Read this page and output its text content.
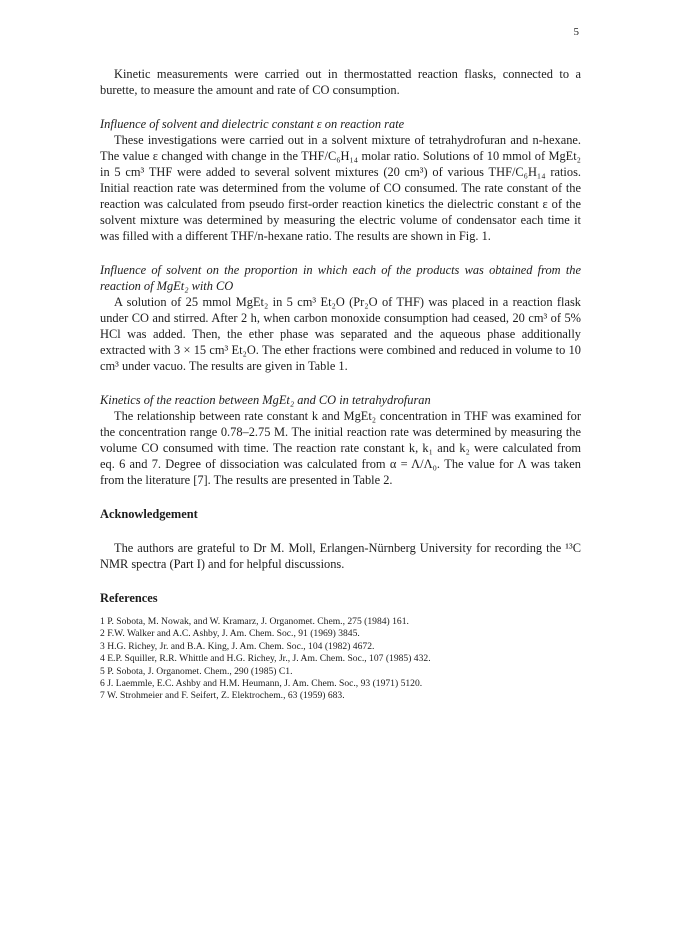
5

Kinetic measurements were carried out in thermostatted reaction flasks, connected to a burette, to measure the amount and rate of CO consumption.

Influence of solvent and dielectric constant ε on reaction rate

These investigations were carried out in a solvent mixture of tetrahydrofuran and n-hexane. The value ε changed with change in the THF/C₆H₁₄ molar ratio. Solutions of 10 mmol of MgEt₂ in 5 cm³ THF were added to several solvent mixtures (20 cm³) of various THF/C₆H₁₄ ratios. Initial reaction rate was determined from the volume of CO consumed. The rate constant of the reaction was calculated from pseudo first-order reaction kinetics the dielectric constant ε of the solvent mixture was determined by measuring the electric volume of condensator each time it was filled with a different THF/n-hexane ratio. The results are shown in Fig. 1.

Influence of solvent on the proportion in which each of the products was obtained from the reaction of MgEt₂ with CO

A solution of 25 mmol MgEt₂ in 5 cm³ Et₂O (Pr₂O of THF) was placed in a reaction flask under CO and stirred. After 2 h, when carbon monoxide consumption had ceased, 20 cm³ of 5% HCl was added. Then, the ether phase was separated and the aqueous phase additionally extracted with 3 × 15 cm³ Et₂O. The ether fractions were combined and reduced in volume to 10 cm³ under vacuo. The results are given in Table 1.

Kinetics of the reaction between MgEt₂ and CO in tetrahydrofuran

The relationship between rate constant k and MgEt₂ concentration in THF was examined for the concentration range 0.78–2.75 M. The initial reaction rate was determined by measuring the volume CO consumed with time. The reaction rate constant k, k₁ and k₂ were calculated from eq. 6 and 7. Degree of dissociation was calculated from α = Λ/Λ₀. The value for Λ was taken from the literature [7]. The results are presented in Table 2.

Acknowledgement

The authors are grateful to Dr M. Moll, Erlangen-Nürnberg University for recording the ¹³C NMR spectra (Part I) and for helpful discussions.

References

1 P. Sobota, M. Nowak, and W. Kramarz, J. Organomet. Chem., 275 (1984) 161.
2 F.W. Walker and A.C. Ashby, J. Am. Chem. Soc., 91 (1969) 3845.
3 H.G. Richey, Jr. and B.A. King, J. Am. Chem. Soc., 104 (1982) 4672.
4 E.P. Squiller, R.R. Whittle and H.G. Richey, Jr., J. Am. Chem. Soc., 107 (1985) 432.
5 P. Sobota, J. Organomet. Chem., 290 (1985) C1.
6 J. Laemmle, E.C. Ashby and H.M. Heumann, J. Am. Chem. Soc., 93 (1971) 5120.
7 W. Strohmeier and F. Seifert, Z. Elektrochem., 63 (1959) 683.
